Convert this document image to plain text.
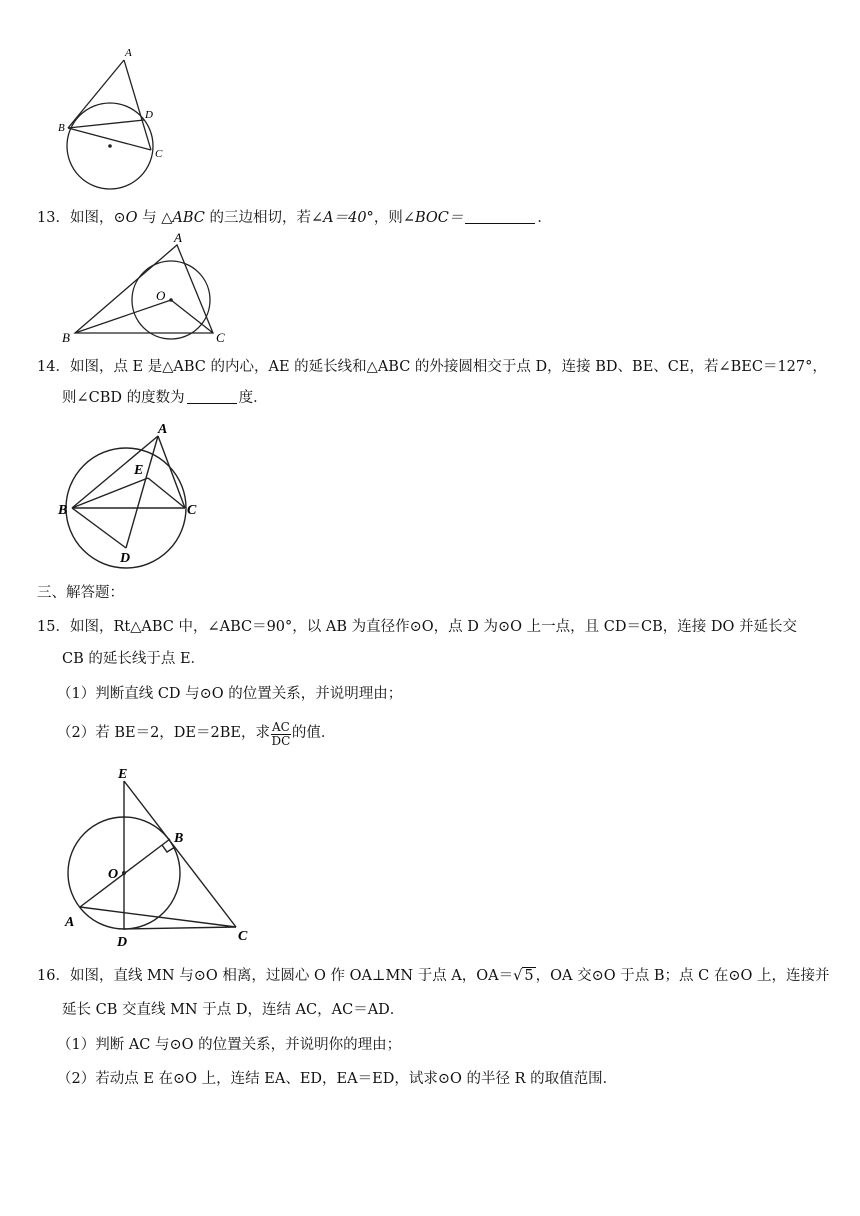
A
B
D
C
13．如图，⊙O 与 △ABC 的三边相切，若∠A＝40°，则∠BOC＝	．
A
O
B	C
14．如图，点 E 是△ABC 的内心，AE 的延长线和△ABC 的外接圆相交于点 D，连接 BD、BE、CE，若∠BEC＝127°，
则∠CBD 的度数为	度．
A
E
B	C
D
三、解答题：
15．如图，Rt△ABC 中，∠ABC＝90°，以 AB 为直径作⊙O，点 D 为⊙O 上一点，且 CD＝CB，连接 DO 并延长交
CB 的延长线于点 E．
（1）判断直线 CD 与⊙O 的位置关系，并说明理由；
（2）若 BE＝2，DE＝2BE，求 $\frac{AC}{DC}$ 的值．
E
B
O
A
D	C
16．如图，直线 MN 与⊙O 相离，过圆心 O 作 OA⊥MN 于点 A，OA＝√ 5 ，OA 交⊙O 于点 B；点 C 在⊙O 上，连接并
延长 CB 交直线 MN 于点 D，连结 AC，AC＝AD．
（1）判断 AC 与⊙O 的位置关系，并说明你的理由；
（2）若动点 E 在⊙O 上，连结 EA、ED，EA＝ED，试求⊙O 的半径 R 的取值范围．
